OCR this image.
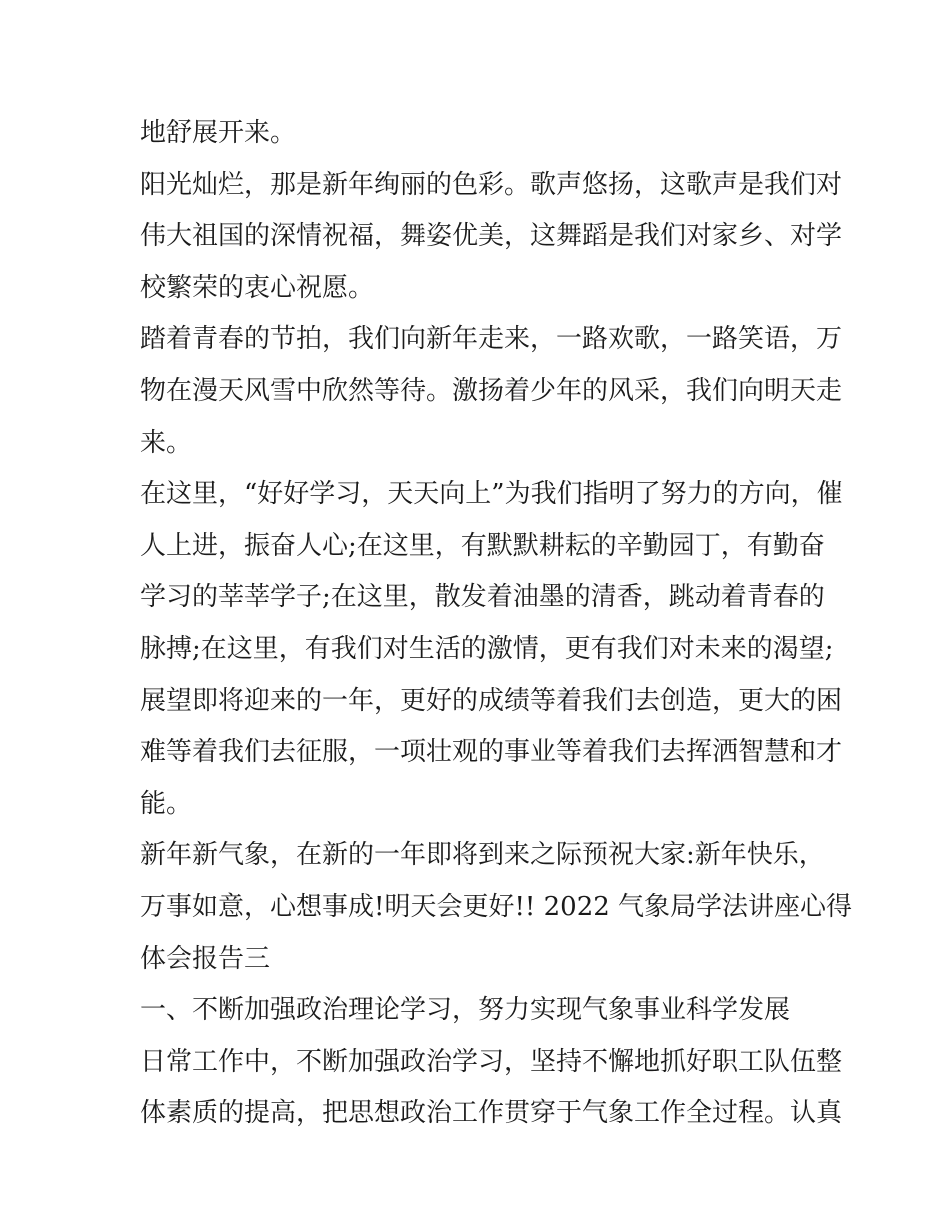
地舒展开来。

阳光灿烂，那是新年绚丽的色彩。歌声悠扬，这歌声是我们对

伟大祖国的深情祝福，舞姿优美，这舞蹈是我们对家乡、对学

校繁荣的衷心祝愿。

踏着青春的节拍，我们向新年走来，一路欢歌，一路笑语，万

物在漫天风雪中欣然等待。激扬着少年的风采，我们向明天走

来。

在这里，“好好学习，天天向上”为我们指明了努力的方向，催

人上进，振奋人心;在这里，有默默耕耘的辛勤园丁，有勤奋

学习的莘莘学子;在这里，散发着油墨的清香，跳动着青春的

脉搏;在这里，有我们对生活的激情，更有我们对未来的渴望;

展望即将迎来的一年，更好的成绩等着我们去创造，更大的困

难等着我们去征服，一项壮观的事业等着我们去挥洒智慧和才

能。

新年新气象，在新的一年即将到来之际预祝大家:新年快乐，

万事如意，心想事成!明天会更好!! 2022 气象局学法讲座心得

体会报告三

一、不断加强政治理论学习，努力实现气象事业科学发展

日常工作中，不断加强政治学习，坚持不懈地抓好职工队伍整

体素质的提高，把思想政治工作贯穿于气象工作全过程。认真
